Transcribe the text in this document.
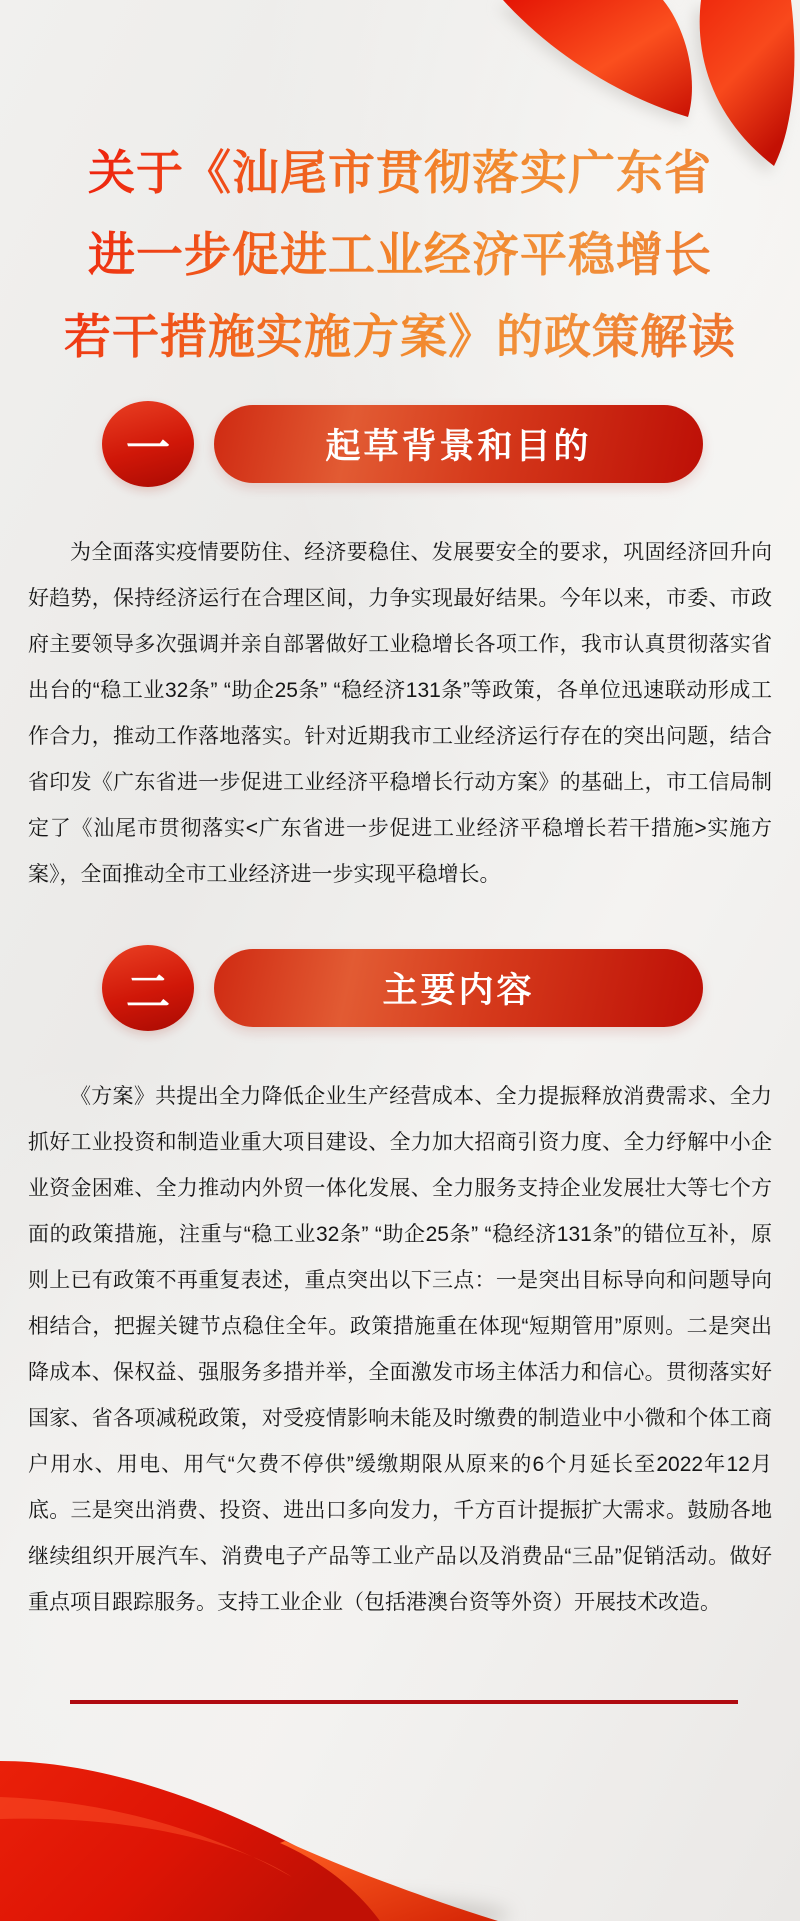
关于《汕尾市贯彻落实广东省
进一步促进工业经济平稳增长
若干措施实施方案》的政策解读
一	起草背景和目的

为全面落实疫情要防住、经济要稳住、发展要安全的要求，巩固经济回升向好趋势，保持经济运行在合理区间，力争实现最好结果。今年以来，市委、市政府主要领导多次强调并亲自部署做好工业稳增长各项工作，我市认真贯彻落实省出台的“稳工业32条” “助企25条” “稳经济131条”等政策，各单位迅速联动形成工作合力，推动工作落地落实。针对近期我市工业经济运行存在的突出问题，结合省印发《广东省进一步促进工业经济平稳增长行动方案》的基础上，市工信局制定了《汕尾市贯彻落实<广东省进一步促进工业经济平稳增长若干措施>实施方案》，全面推动全市工业经济进一步实现平稳增长。

二	主要内容

《方案》共提出全力降低企业生产经营成本、全力提振释放消费需求、全力抓好工业投资和制造业重大项目建设、全力加大招商引资力度、全力纾解中小企业资金困难、全力推动内外贸一体化发展、全力服务支持企业发展壮大等七个方面的政策措施，注重与“稳工业32条” “助企25条” “稳经济131条”的错位互补，原则上已有政策不再重复表述，重点突出以下三点：一是突出目标导向和问题导向相结合，把握关键节点稳住全年。政策措施重在体现“短期管用”原则。二是突出降成本、保权益、强服务多措并举，全面激发市场主体活力和信心。贯彻落实好国家、省各项减税政策，对受疫情影响未能及时缴费的制造业中小微和个体工商户用水、用电、用气“欠费不停供”缓缴期限从原来的6个月延长至2022年12月底。三是突出消费、投资、进出口多向发力，千方百计提振扩大需求。鼓励各地继续组织开展汽车、消费电子产品等工业产品以及消费品“三品”促销活动。做好重点项目跟踪服务。支持工业企业（包括港澳台资等外资）开展技术改造。
